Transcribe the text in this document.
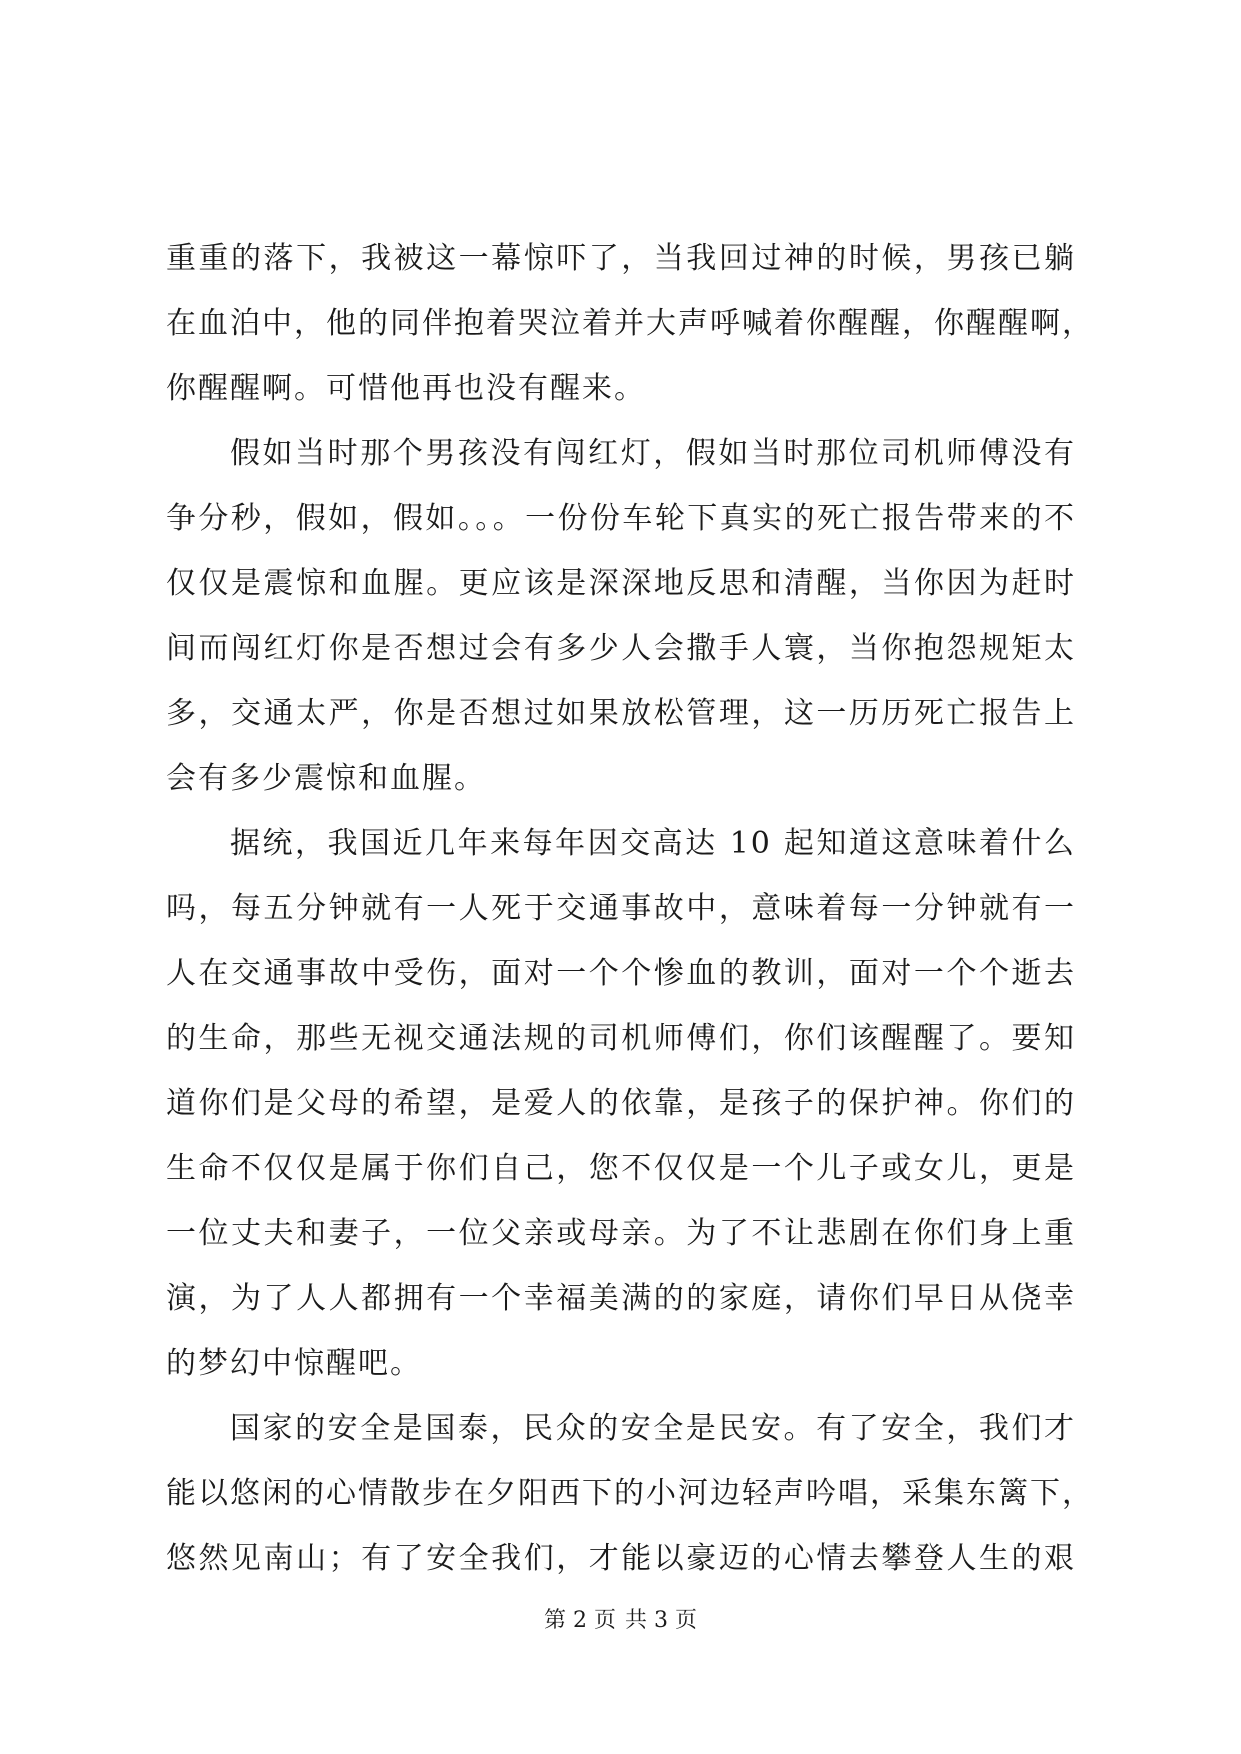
重重的落下，我被这一幕惊吓了，当我回过神的时候，男孩已躺
在血泊中，他的同伴抱着哭泣着并大声呼喊着你醒醒，你醒醒啊，
你醒醒啊。可惜他再也没有醒来。
假如当时那个男孩没有闯红灯，假如当时那位司机师傅没有
争分秒，假如，假如。。。一份份车轮下真实的死亡报告带来的不
仅仅是震惊和血腥。更应该是深深地反思和清醒，当你因为赶时
间而闯红灯你是否想过会有多少人会撒手人寰，当你抱怨规矩太
多，交通太严，你是否想过如果放松管理，这一历历死亡报告上
会有多少震惊和血腥。
据统，我国近几年来每年因交高达 10 起知道这意味着什么
吗，每五分钟就有一人死于交通事故中，意味着每一分钟就有一
人在交通事故中受伤，面对一个个惨血的教训，面对一个个逝去
的生命，那些无视交通法规的司机师傅们，你们该醒醒了。要知
道你们是父母的希望，是爱人的依靠，是孩子的保护神。你们的
生命不仅仅是属于你们自己，您不仅仅是一个儿子或女儿，更是
一位丈夫和妻子，一位父亲或母亲。为了不让悲剧在你们身上重
演，为了人人都拥有一个幸福美满的的家庭，请你们早日从侥幸
的梦幻中惊醒吧。
国家的安全是国泰，民众的安全是民安。有了安全，我们才
能以悠闲的心情散步在夕阳西下的小河边轻声吟唱，采集东篱下，
悠然见南山；有了安全我们，才能以豪迈的心情去攀登人生的艰
第 2 页 共 3 页
